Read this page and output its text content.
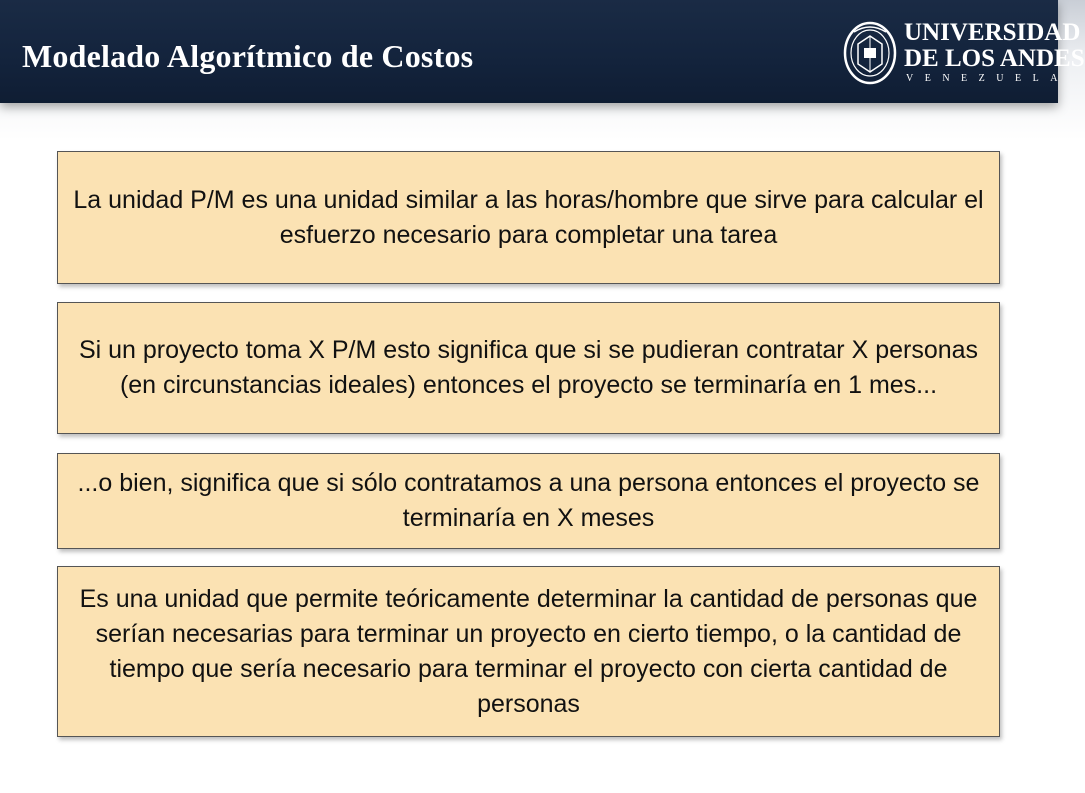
Modelado Algorítmico de Costos
UNIVERSIDAD
DE LOS ANDES
VENEZUELA
La unidad P/M es una unidad similar a las horas/hombre que sirve para calcular el esfuerzo necesario para completar una tarea
Si un proyecto toma X P/M esto significa que si se pudieran contratar X personas (en circunstancias ideales) entonces el proyecto se terminaría en 1 mes...
...o bien, significa que si sólo contratamos a una persona entonces el proyecto se terminaría en X meses
Es una unidad que permite teóricamente determinar la cantidad de personas que serían necesarias para terminar un proyecto en cierto tiempo, o la cantidad de tiempo que sería necesario para terminar el proyecto con cierta cantidad de personas
